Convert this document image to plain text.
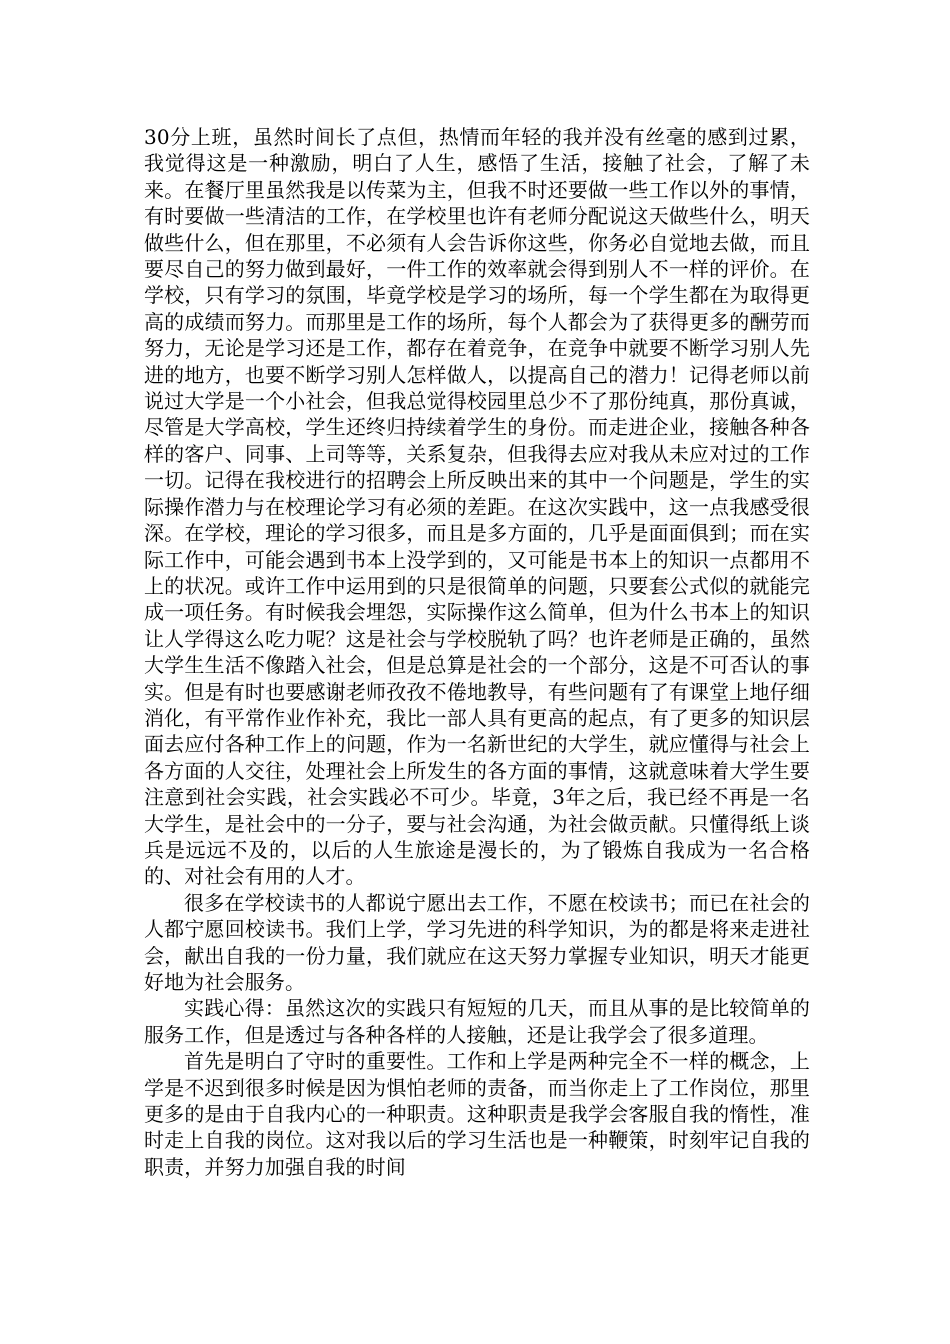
30分上班，虽然时间长了点但，热情而年轻的我并没有丝毫的感到过累，我觉得这是一种激励，明白了人生，感悟了生活，接触了社会，了解了未来。在餐厅里虽然我是以传菜为主，但我不时还要做一些工作以外的事情，有时要做一些清洁的工作，在学校里也许有老师分配说这天做些什么，明天做些什么，但在那里，不必须有人会告诉你这些，你务必自觉地去做，而且要尽自己的努力做到最好，一件工作的效率就会得到别人不一样的评价。在学校，只有学习的氛围，毕竟学校是学习的场所，每一个学生都在为取得更高的成绩而努力。而那里是工作的场所，每个人都会为了获得更多的酬劳而努力，无论是学习还是工作，都存在着竞争，在竞争中就要不断学习别人先进的地方，也要不断学习别人怎样做人，以提高自己的潜力！记得老师以前说过大学是一个小社会，但我总觉得校园里总少不了那份纯真，那份真诚，尽管是大学高校，学生还终归持续着学生的身份。而走进企业，接触各种各样的客户、同事、上司等等，关系复杂，但我得去应对我从未应对过的工作一切。记得在我校进行的招聘会上所反映出来的其中一个问题是，学生的实际操作潜力与在校理论学习有必须的差距。在这次实践中，这一点我感受很深。在学校，理论的学习很多，而且是多方面的，几乎是面面俱到；而在实际工作中，可能会遇到书本上没学到的，又可能是书本上的知识一点都用不上的状况。或许工作中运用到的只是很简单的问题，只要套公式似的就能完成一项任务。有时候我会埋怨，实际操作这么简单，但为什么书本上的知识让人学得这么吃力呢？这是社会与学校脱轨了吗？也许老师是正确的，虽然大学生生活不像踏入社会，但是总算是社会的一个部分，这是不可否认的事实。但是有时也要感谢老师孜孜不倦地教导，有些问题有了有课堂上地仔细消化，有平常作业作补充，我比一部人具有更高的起点，有了更多的知识层面去应付各种工作上的问题，作为一名新世纪的大学生，就应懂得与社会上各方面的人交往，处理社会上所发生的各方面的事情，这就意味着大学生要注意到社会实践，社会实践必不可少。毕竟，3年之后，我已经不再是一名大学生，是社会中的一分子，要与社会沟通，为社会做贡献。只懂得纸上谈兵是远远不及的，以后的人生旅途是漫长的，为了锻炼自我成为一名合格的、对社会有用的人才。

很多在学校读书的人都说宁愿出去工作，不愿在校读书；而已在社会的人都宁愿回校读书。我们上学，学习先进的科学知识，为的都是将来走进社会，献出自我的一份力量，我们就应在这天努力掌握专业知识，明天才能更好地为社会服务。

实践心得：虽然这次的实践只有短短的几天，而且从事的是比较简单的服务工作，但是透过与各种各样的人接触，还是让我学会了很多道理。

首先是明白了守时的重要性。工作和上学是两种完全不一样的概念，上学是不迟到很多时候是因为惧怕老师的责备，而当你走上了工作岗位，那里更多的是由于自我内心的一种职责。这种职责是我学会客服自我的惰性，准时走上自我的岗位。这对我以后的学习生活也是一种鞭策，时刻牢记自我的职责，并努力加强自我的时间
